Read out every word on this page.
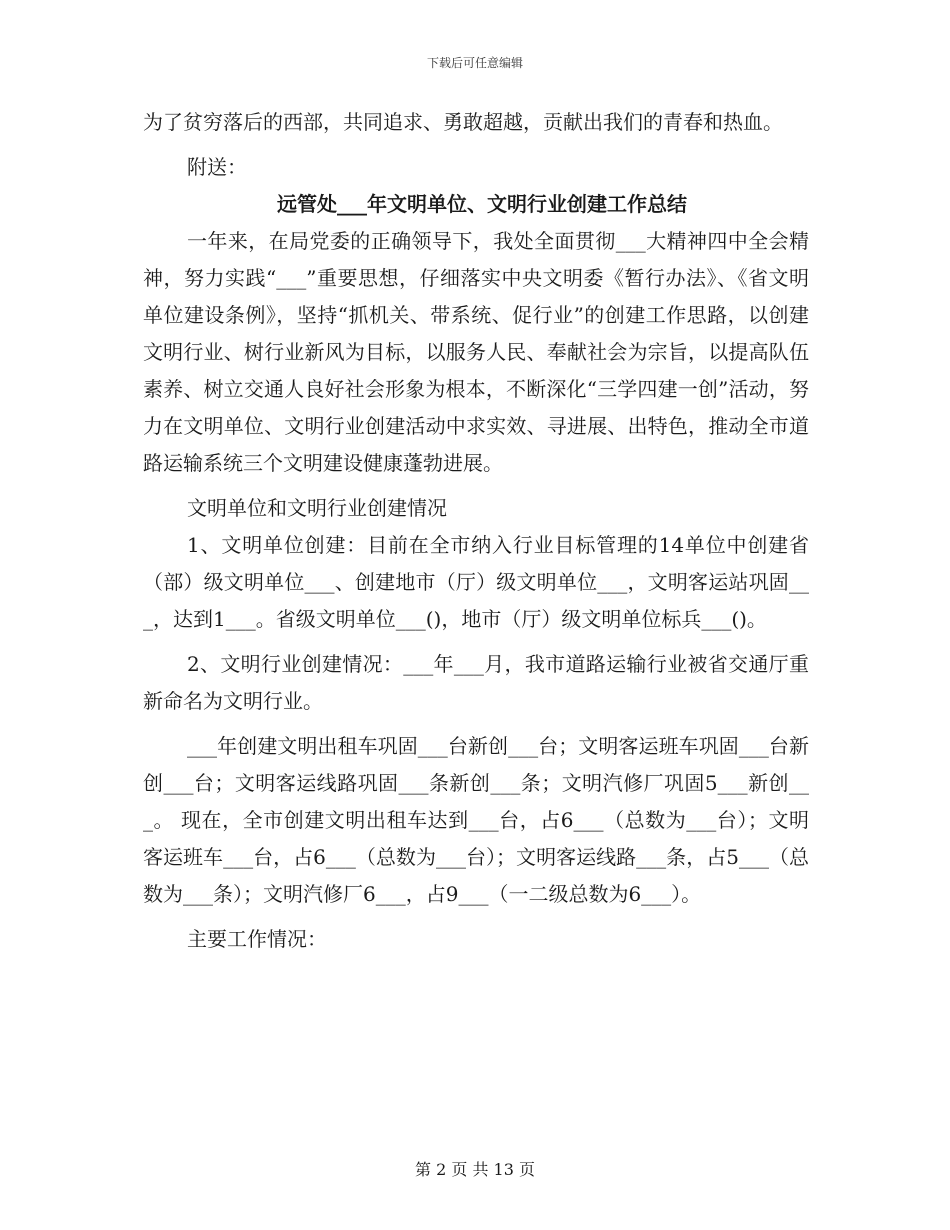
下载后可任意编辑

为了贫穷落后的西部，共同追求、勇敢超越，贡献出我们的青春和热血。

附送：

远管处___年文明单位、文明行业创建工作总结

一年来，在局党委的正确领导下，我处全面贯彻___大精神四中全会精神，努力实践“___”重要思想，仔细落实中央文明委《暂行办法》、《省文明单位建设条例》，坚持“抓机关、带系统、促行业”的创建工作思路，以创建文明行业、树行业新风为目标，以服务人民、奉献社会为宗旨，以提高队伍素养、树立交通人良好社会形象为根本，不断深化“三学四建一创”活动，努力在文明单位、文明行业创建活动中求实效、寻进展、出特色，推动全市道路运输系统三个文明建设健康蓬勃进展。

文明单位和文明行业创建情况

1、文明单位创建：目前在全市纳入行业目标管理的14单位中创建省（部）级文明单位___、创建地市（厅）级文明单位___，文明客运站巩固___，达到1___。省级文明单位___()，地市（厅）级文明单位标兵___()。

2、文明行业创建情况：___年___月，我市道路运输行业被省交通厅重新命名为文明行业。

___年创建文明出租车巩固___台新创___台；文明客运班车巩固___台新创___台；文明客运线路巩固___条新创___条；文明汽修厂巩固5___新创___。 现在，全市创建文明出租车达到___台，占6___（总数为___台）；文明客运班车___台，占6___（总数为___台）；文明客运线路___条，占5___（总数为___条）；文明汽修厂6___，占9___（一二级总数为6___）。

主要工作情况：

第 2 页 共 13 页
